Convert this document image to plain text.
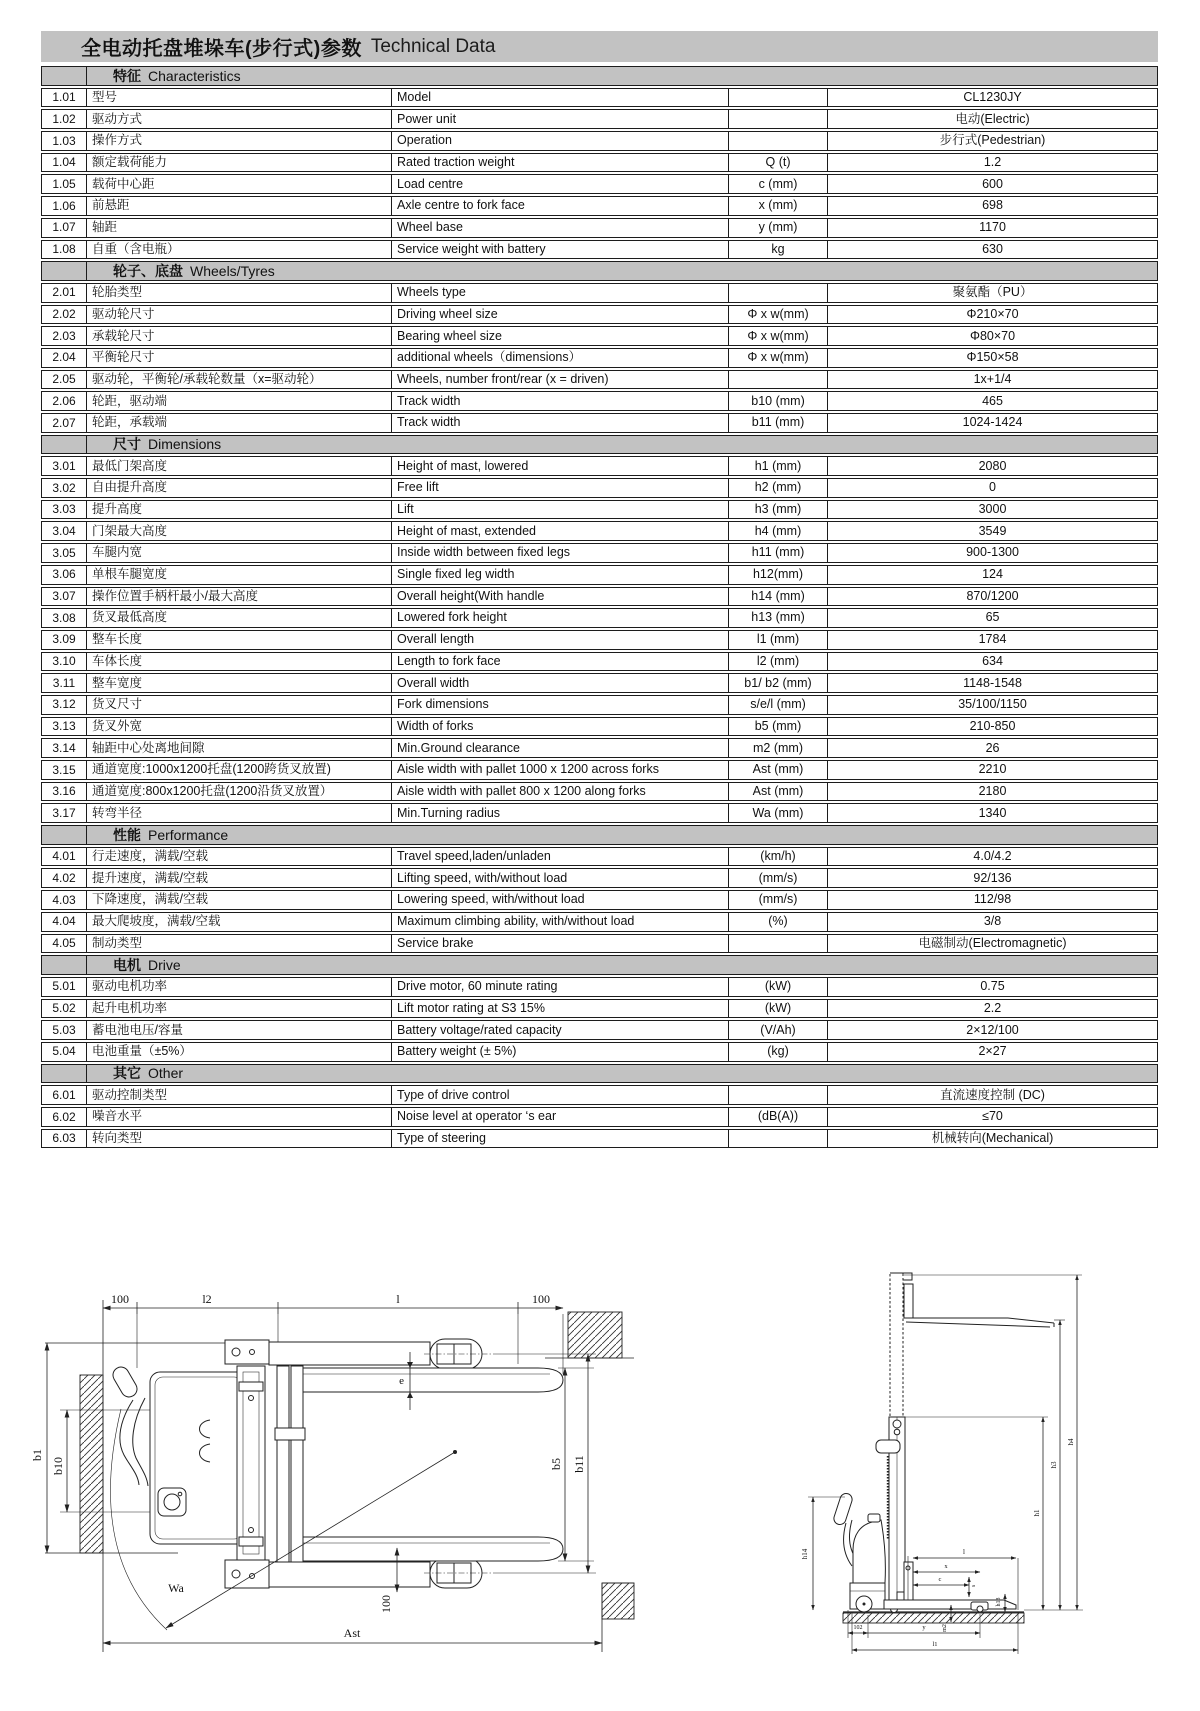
全电动托盘堆垛车(步行式)参数 Technical Data
	特征 Characteristics			
1.01	型号	Model		CL1230JY
1.02	驱动方式	Power unit		电动(Electric)
1.03	操作方式	Operation		步行式(Pedestrian)
1.04	额定载荷能力	Rated traction weight	Q (t)	1.2
1.05	载荷中心距	Load centre	c (mm)	600
1.06	前悬距	Axle centre to fork face	x (mm)	698
1.07	轴距	Wheel base	y (mm)	1170
1.08	自重（含电瓶）	Service weight with battery	kg	630
	轮子、底盘 Wheels/Tyres			
2.01	轮胎类型	Wheels type		聚氨酯（PU）
2.02	驱动轮尺寸	Driving wheel size	Φ x w(mm)	Φ210×70
2.03	承载轮尺寸	Bearing wheel size	Φ x w(mm)	Φ80×70
2.04	平衡轮尺寸	additional wheels（dimensions）	Φ x w(mm)	Φ150×58
2.05	驱动轮，平衡轮/承载轮数量（x=驱动轮）	Wheels, number front/rear (x = driven)		1x+1/4
2.06	轮距，驱动端	Track width	b10 (mm)	465
2.07	轮距，承载端	Track width	b11 (mm)	1024-1424
	尺寸 Dimensions			
3.01	最低门架高度	Height of mast, lowered	h1 (mm)	2080
3.02	自由提升高度	Free lift	h2 (mm)	0
3.03	提升高度	Lift	h3 (mm)	3000
3.04	门架最大高度	Height of mast, extended	h4 (mm)	3549
3.05	车腿内宽	Inside width between fixed legs	h11 (mm)	900-1300
3.06	单根车腿宽度	Single fixed leg width	h12(mm)	124
3.07	操作位置手柄杆最小/最大高度	Overall height(With handle	h14 (mm)	870/1200
3.08	货叉最低高度	Lowered fork height	h13 (mm)	65
3.09	整车长度	Overall length	l1 (mm)	1784
3.10	车体长度	Length to fork face	l2 (mm)	634
3.11	整车宽度	Overall width	b1/ b2 (mm)	1148-1548
3.12	货叉尺寸	Fork dimensions	s/e/l (mm)	35/100/1150
3.13	货叉外宽	Width of forks	b5 (mm)	210-850
3.14	轴距中心处离地间隙	Min.Ground clearance	m2 (mm)	26
3.15	通道宽度:1000x1200托盘(1200跨货叉放置)	Aisle width with pallet 1000 x 1200 across forks	Ast (mm)	2210
3.16	通道宽度:800x1200托盘(1200沿货叉放置）	Aisle width with pallet 800 x 1200 along forks	Ast (mm)	2180
3.17	转弯半径	Min.Turning radius	Wa (mm)	1340
	性能 Performance			
4.01	行走速度，满载/空载	Travel speed,laden/unladen	(km/h)	4.0/4.2
4.02	提升速度，满载/空载	Lifting speed, with/without load	(mm/s)	92/136
4.03	下降速度，满载/空载	Lowering speed, with/without load	(mm/s)	112/98
4.04	最大爬坡度，满载/空载	Maximum climbing ability, with/without load	(%)	3/8
4.05	制动类型	Service brake		电磁制动(Electromagnetic)
	电机 Drive			
5.01	驱动电机功率	Drive motor, 60 minute rating	(kW)	0.75
5.02	起升电机功率	Lift motor rating at S3 15%	(kW)	2.2
5.03	蓄电池电压/容量	Battery voltage/rated capacity	(V/Ah)	2×12/100
5.04	电池重量（±5%）	Battery weight (± 5%)	(kg)	2×27
	其它 Other			
6.01	驱动控制类型	Type of drive control		直流速度控制 (DC)
6.02	噪音水平	Noise level at operator ‘s ear	(dB(A))	≤70
6.03	转向类型	Type of steering		机械转向(Mechanical)
100	l2	l	100
b1
b10
e
b5 b11
100
Wa
Ast
h14
h1
h3
h4
l
x
c
s
h13
m2
102	y
l1
